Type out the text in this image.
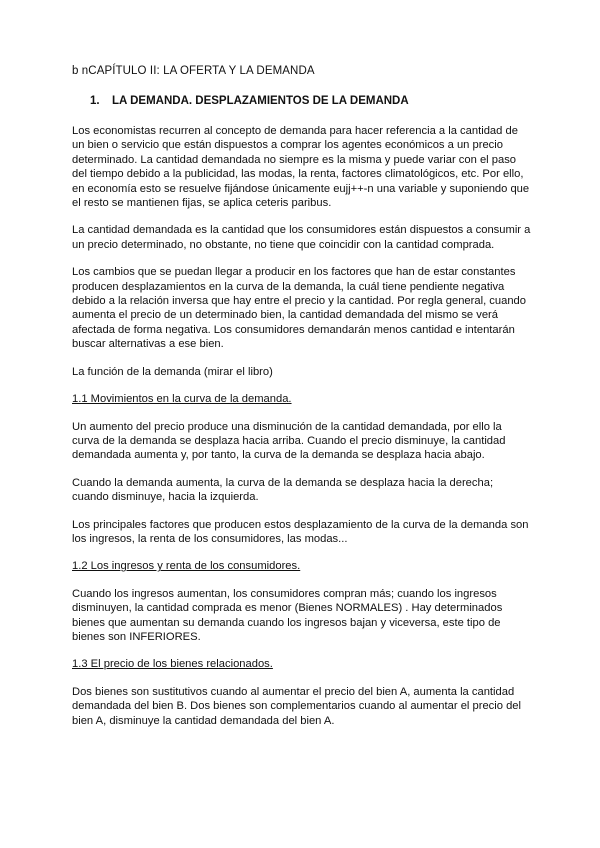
b nCAPÍTULO II: LA OFERTA Y LA DEMANDA
1. LA DEMANDA. DESPLAZAMIENTOS DE LA DEMANDA

Los economistas recurren al concepto de demanda para hacer referencia a la cantidad de un bien o servicio que están dispuestos a comprar los agentes económicos a un precio determinado. La cantidad demandada no siempre es la misma y puede variar con el paso del tiempo debido a la publicidad, las modas, la renta, factores climatológicos, etc. Por ello, en economía esto se resuelve fijándose únicamente eujj++-n una variable y suponiendo que el resto se mantienen fijas, se aplica ceteris paribus.

La cantidad demandada es la cantidad que los consumidores están dispuestos a consumir a un precio determinado, no obstante, no tiene que coincidir con la cantidad comprada.

Los cambios que se puedan llegar a producir en los factores que han de estar constantes producen desplazamientos en la curva de la demanda, la cuál tiene pendiente negativa debido a la relación inversa que hay entre el precio y la cantidad. Por regla general, cuando aumenta el precio de un determinado bien, la cantidad demandada del mismo se verá afectada de forma negativa. Los consumidores demandarán menos cantidad e intentarán buscar alternativas a ese bien.

La función de la demanda (mirar el libro)

1.1 Movimientos en la curva de la demanda.

Un aumento del precio produce una disminución de la cantidad demandada, por ello la curva de la demanda se desplaza hacia arriba. Cuando el precio disminuye, la cantidad demandada aumenta y, por tanto, la curva de la demanda se desplaza hacia abajo.

Cuando la demanda aumenta, la curva de la demanda se desplaza hacia la derecha; cuando disminuye, hacia la izquierda.

Los principales factores que producen estos desplazamiento de la curva de la demanda son los ingresos, la renta de los consumidores, las modas...

1.2 Los ingresos y renta de los consumidores.

Cuando los ingresos aumentan, los consumidores compran más; cuando los ingresos disminuyen, la cantidad comprada es menor (Bienes NORMALES) . Hay determinados bienes que aumentan su demanda cuando los ingresos bajan y viceversa, este tipo de bienes son INFERIORES.

1.3 El precio de los bienes relacionados.

Dos bienes son sustitutivos cuando al aumentar el precio del bien A, aumenta la cantidad demandada del bien B. Dos bienes son complementarios cuando al aumentar el precio del bien A, disminuye la cantidad demandada del bien A.
